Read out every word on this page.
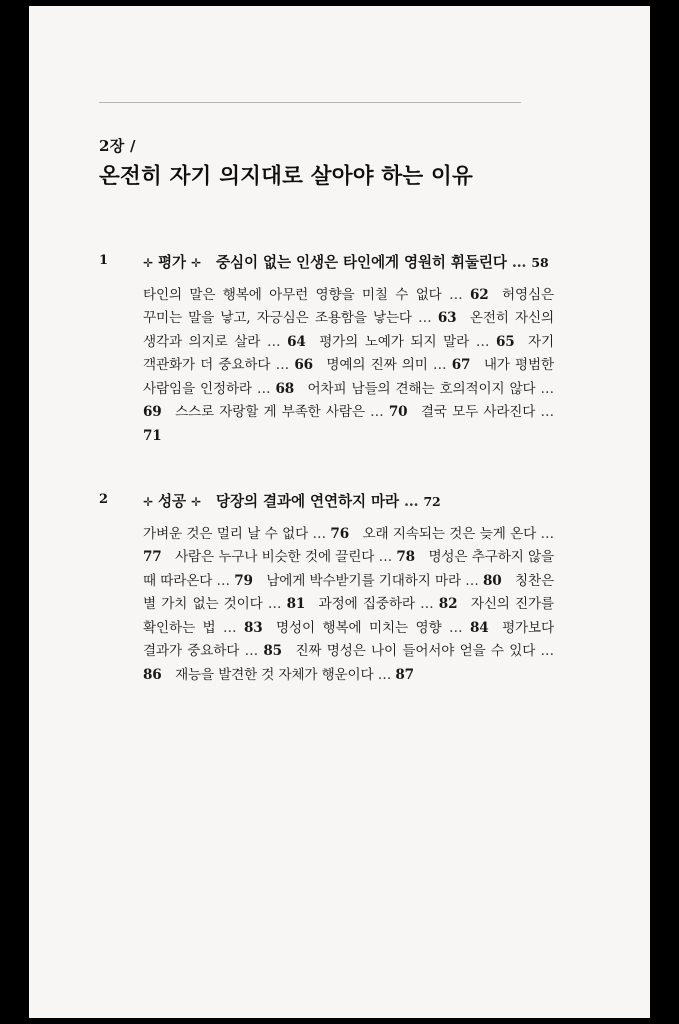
2장 /
온전히 자기 의지대로 살아야 하는 이유
1	✛ 평가 ✛ 중심이 없는 인생은 타인에게 영원히 휘둘린다 … 58
타인의 말은 행복에 아무런 영향을 미칠 수 없다 … 62  허영심은 꾸미는 말을 낳고, 자긍심은 조용함을 낳는다 … 63  온전히 자신의 생각과 의지로 살라 … 64  평가의 노예가 되지 말라 … 65  자기 객관화가 더 중요하다 … 66  명예의 진짜 의미 … 67  내가 평범한 사람임을 인정하라 … 68  어차피 남들의 견해는 호의적이지 않다 … 69  스스로 자랑할 게 부족한 사람은 … 70  결국 모두 사라진다 … 71
2	✛ 성공 ✛ 당장의 결과에 연연하지 마라 … 72
가벼운 것은 멀리 날 수 없다 … 76  오래 지속되는 것은 늦게 온다 … 77  사람은 누구나 비슷한 것에 끌린다 … 78  명성은 추구하지 않을 때 따라온다 … 79  남에게 박수받기를 기대하지 마라 … 80  칭찬은 별 가치 없는 것이다 … 81  과정에 집중하라 … 82  자신의 진가를 확인하는 법 … 83  명성이 행복에 미치는 영향 … 84  평가보다 결과가 중요하다 … 85  진짜 명성은 나이 들어서야 얻을 수 있다 … 86  재능을 발견한 것 자체가 행운이다 … 87
